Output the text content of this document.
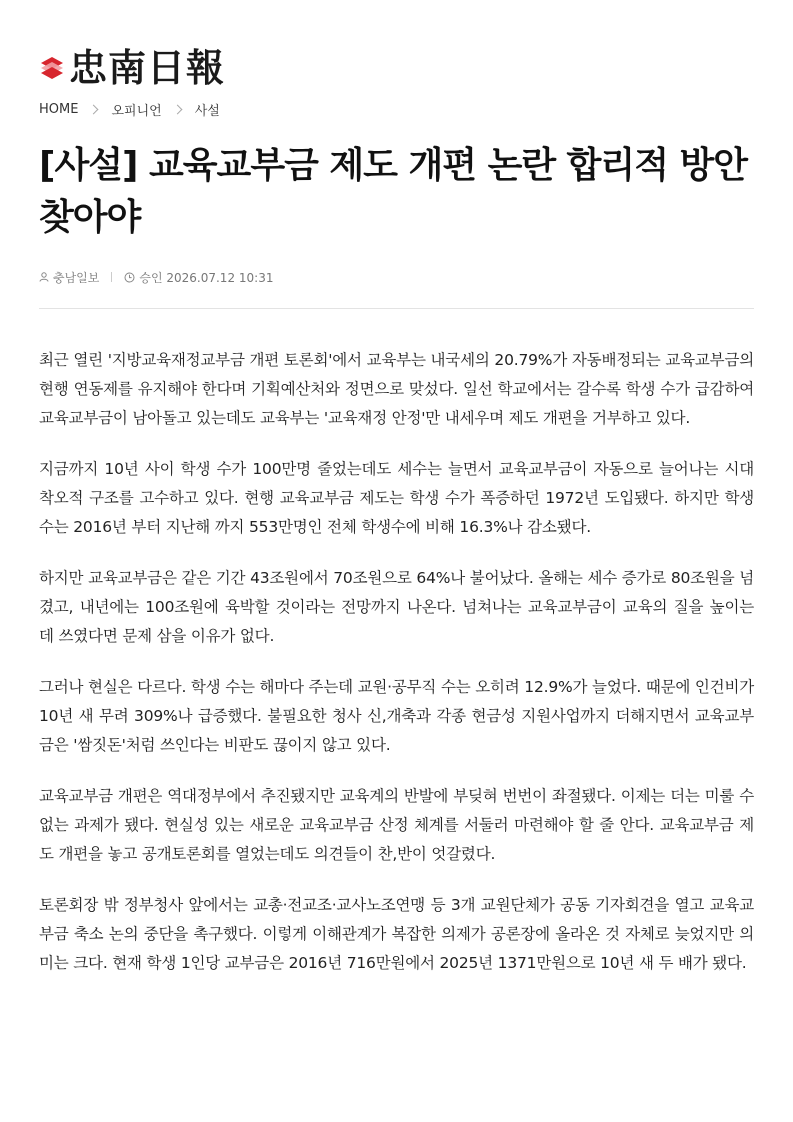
忠南日報
HOME	오피니언	사설
[사설] 교육교부금 제도 개편 논란 합리적 방안 찾아야
충남일보	승인 2026.07.12 10:31

최근 열린 '지방교육재정교부금 개편 토론회'에서 교육부는 내국세의 20.79%가 자동배정되는 교육교부금의 현행 연동제를 유지해야 한다며 기획예산처와 정면으로 맞섰다. 일선 학교에서는 갈수록 학생 수가 급감하여 교육교부금이 남아돌고 있는데도 교육부는 '교육재정 안정'만 내세우며 제도 개편을 거부하고 있다.

지금까지 10년 사이 학생 수가 100만명 줄었는데도 세수는 늘면서 교육교부금이 자동으로 늘어나는 시대 착오적 구조를 고수하고 있다. 현행 교육교부금 제도는 학생 수가 폭증하던 1972년 도입됐다. 하지만 학생 수는 2016년 부터 지난해 까지 553만명인 전체 학생수에 비해 16.3%나 감소됐다.

하지만 교육교부금은 같은 기간 43조원에서 70조원으로 64%나 불어났다. 올해는 세수 증가로 80조원을 넘겼고, 내년에는 100조원에 육박할 것이라는 전망까지 나온다. 넘쳐나는 교육교부금이 교육의 질을 높이는 데 쓰였다면 문제 삼을 이유가 없다.

그러나 현실은 다르다. 학생 수는 해마다 주는데 교원·공무직 수는 오히려 12.9%가 늘었다. 때문에 인건비가 10년 새 무려 309%나 급증했다. 불필요한 청사 신,개축과 각종 현금성 지원사업까지 더해지면서 교육교부금은 '쌈짓돈'처럼 쓰인다는 비판도 끊이지 않고 있다.

교육교부금 개편은 역대정부에서 추진됐지만 교육계의 반발에 부딪혀 번번이 좌절됐다. 이제는 더는 미룰 수 없는 과제가 됐다. 현실성 있는 새로운 교육교부금 산정 체계를 서둘러 마련해야 할 줄 안다. 교육교부금 제도 개편을 놓고 공개토론회를 열었는데도 의견들이 찬,반이 엇갈렸다.

토론회장 밖 정부청사 앞에서는 교총·전교조·교사노조연맹 등 3개 교원단체가 공동 기자회견을 열고 교육교부금 축소 논의 중단을 촉구했다. 이렇게 이해관계가 복잡한 의제가 공론장에 올라온 것 자체로 늦었지만 의미는 크다. 현재 학생 1인당 교부금은 2016년 716만원에서 2025년 1371만원으로 10년 새 두 배가 됐다.
